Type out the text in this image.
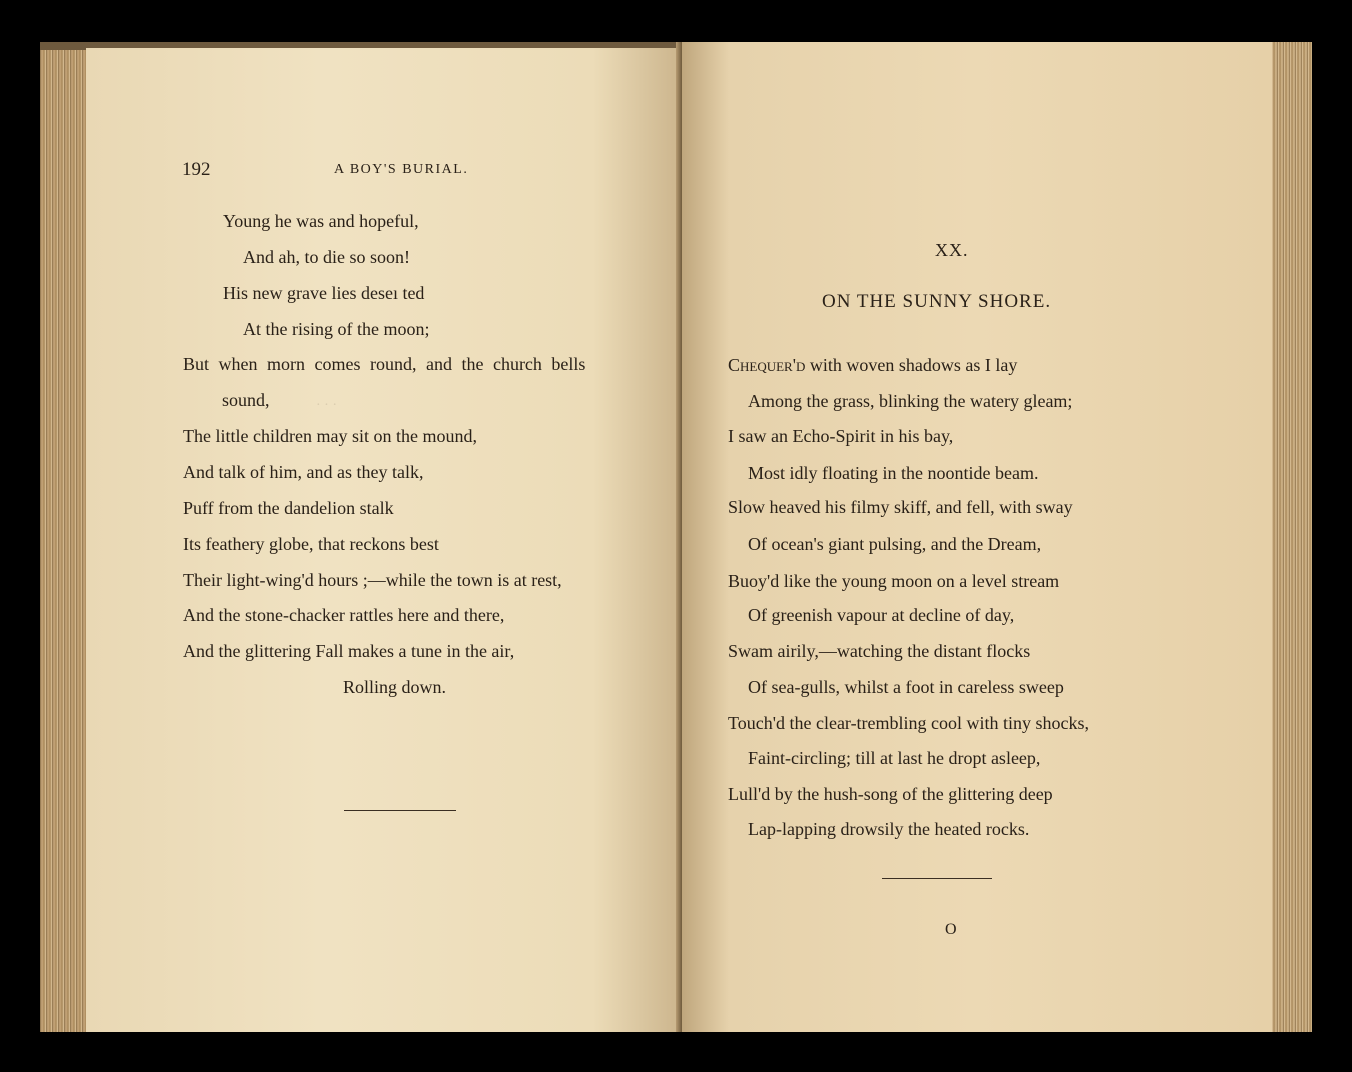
· · ·
192	A BOY'S BURIAL.
Young he was and hopeful,
And ah, to die so soon!
His new grave lies deseı ted
At the rising of the moon;
But when morn comes round, and the church bells
sound,
The little children may sit on the mound,
And talk of him, and as they talk,
Puff from the dandelion stalk
Its feathery globe, that reckons best
Their light-wing'd hours ;—while the town is at rest,
And the stone-chacker rattles here and there,
And the glittering Fall makes a tune in the air,
Rolling down.
XX.
ON THE SUNNY SHORE.
Chequer'd with woven shadows as I lay
Among the grass, blinking the watery gleam;
I saw an Echo-Spirit in his bay,
Most idly floating in the noontide beam.
Slow heaved his filmy skiff, and fell, with sway
Of ocean's giant pulsing, and the Dream,
Buoy'd like the young moon on a level stream
Of greenish vapour at decline of day,
Swam airily,—watching the distant flocks
Of sea-gulls, whilst a foot in careless sweep
Touch'd the clear-trembling cool with tiny shocks,
Faint-circling; till at last he dropt asleep,
Lull'd by the hush-song of the glittering deep
Lap-lapping drowsily the heated rocks.
O
